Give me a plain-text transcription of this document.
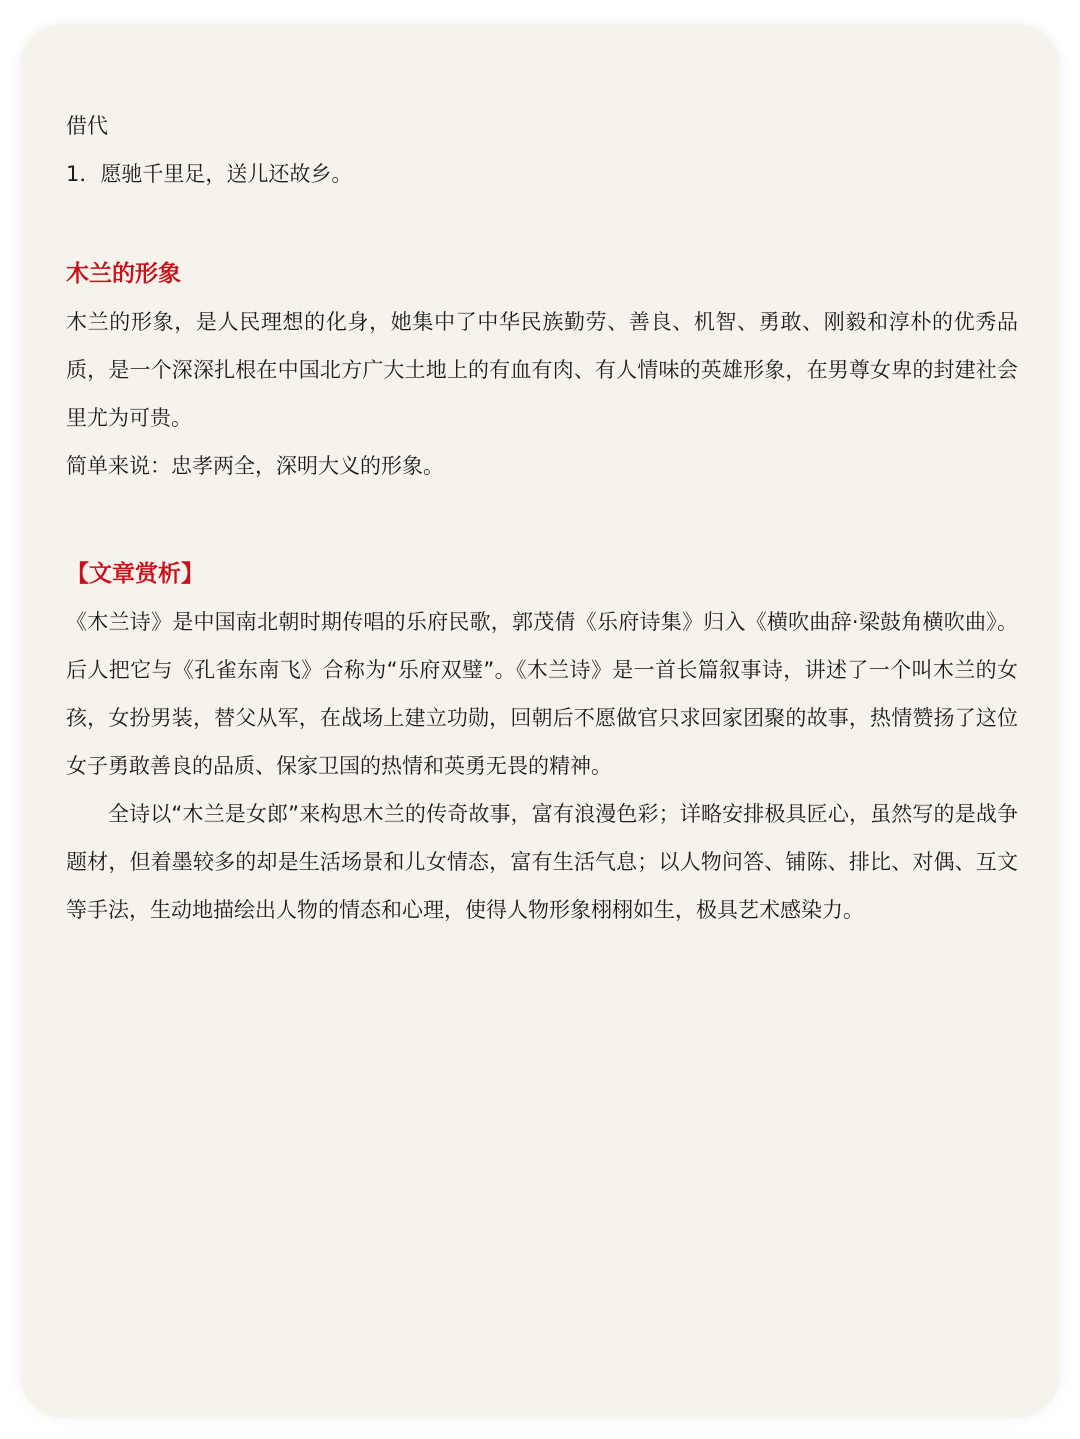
借代
1．愿驰千里足，送儿还故乡。
木兰的形象
木兰的形象，是人民理想的化身，她集中了中华民族勤劳、善良、机智、勇敢、刚毅和淳朴的优秀品质，是一个深深扎根在中国北方广大土地上的有血有肉、有人情味的英雄形象，在男尊女卑的封建社会里尤为可贵。
简单来说：忠孝两全，深明大义的形象。
【文章赏析】
《木兰诗》是中国南北朝时期传唱的乐府民歌，郭茂倩《乐府诗集》归入《横吹曲辞·梁鼓角横吹曲》。后人把它与《孔雀东南飞》合称为“乐府双璧”。《木兰诗》是一首长篇叙事诗，讲述了一个叫木兰的女孩，女扮男装，替父从军，在战场上建立功勋，回朝后不愿做官只求回家团聚的故事，热情赞扬了这位女子勇敢善良的品质、保家卫国的热情和英勇无畏的精神。
全诗以“木兰是女郎”来构思木兰的传奇故事，富有浪漫色彩；详略安排极具匠心，虽然写的是战争题材，但着墨较多的却是生活场景和儿女情态，富有生活气息；以人物问答、铺陈、排比、对偶、互文等手法，生动地描绘出人物的情态和心理，使得人物形象栩栩如生，极具艺术感染力。
